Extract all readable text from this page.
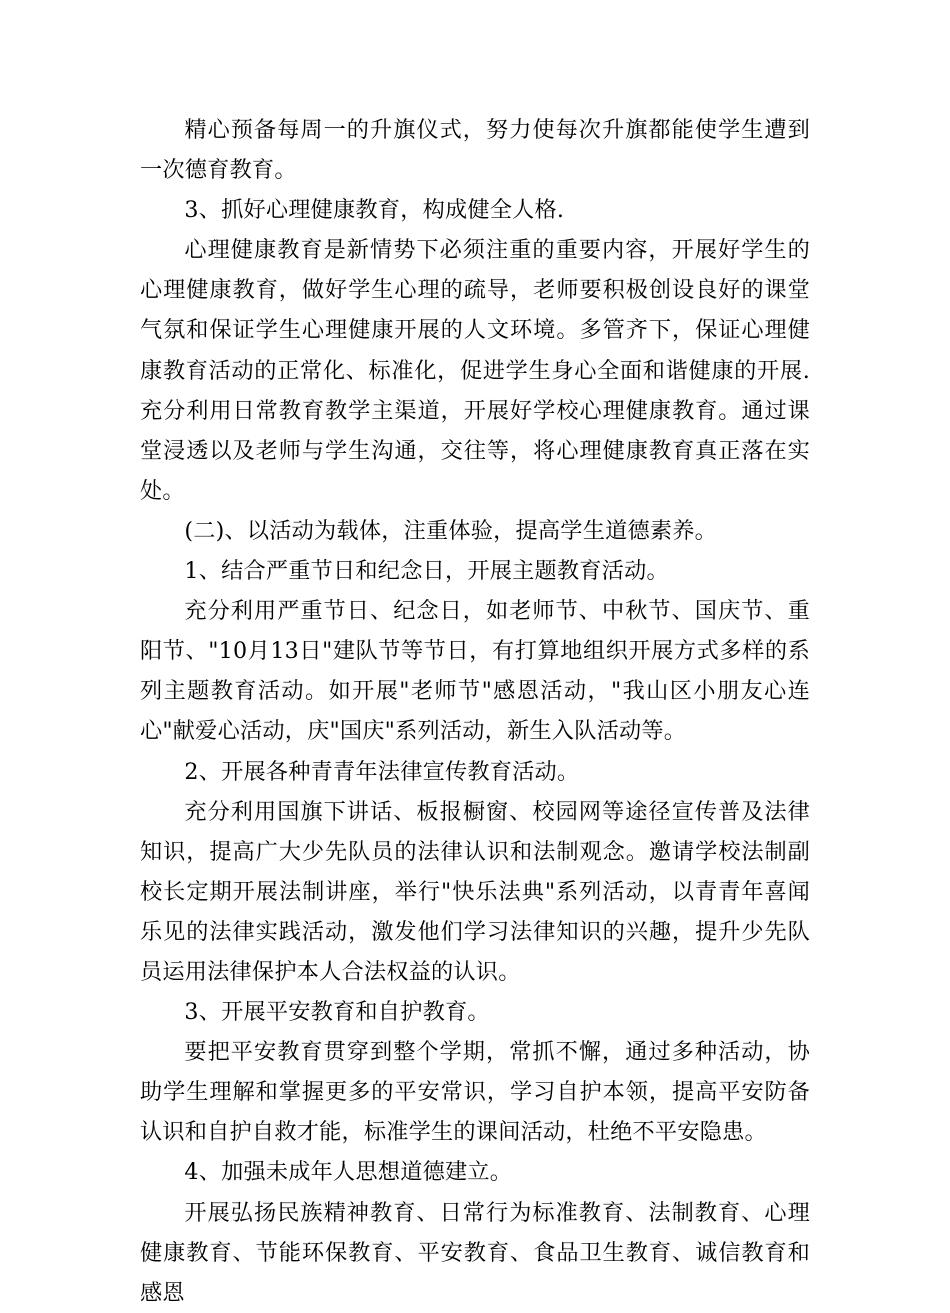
精心预备每周一的升旗仪式，努力使每次升旗都能使学生遭到一次德育教育。

3、抓好心理健康教育，构成健全人格.

心理健康教育是新情势下必须注重的重要内容，开展好学生的心理健康教育，做好学生心理的疏导，老师要积极创设良好的课堂气氛和保证学生心理健康开展的人文环境。多管齐下，保证心理健康教育活动的正常化、标准化，促进学生身心全面和谐健康的开展.充分利用日常教育教学主渠道，开展好学校心理健康教育。通过课堂浸透以及老师与学生沟通，交往等，将心理健康教育真正落在实处。

(二)、以活动为载体，注重体验，提高学生道德素养。

1、结合严重节日和纪念日，开展主题教育活动。

充分利用严重节日、纪念日，如老师节、中秋节、国庆节、重阳节、"10月13日"建队节等节日，有打算地组织开展方式多样的系列主题教育活动。如开展"老师节"感恩活动，"我山区小朋友心连心"献爱心活动，庆"国庆"系列活动，新生入队活动等。

2、开展各种青青年法律宣传教育活动。

充分利用国旗下讲话、板报橱窗、校园网等途径宣传普及法律知识，提高广大少先队员的法律认识和法制观念。邀请学校法制副校长定期开展法制讲座，举行"快乐法典"系列活动，以青青年喜闻乐见的法律实践活动，激发他们学习法律知识的兴趣，提升少先队员运用法律保护本人合法权益的认识。

3、开展平安教育和自护教育。

要把平安教育贯穿到整个学期，常抓不懈，通过多种活动，协助学生理解和掌握更多的平安常识，学习自护本领，提高平安防备认识和自护自救才能，标准学生的课间活动，杜绝不平安隐患。

4、加强未成年人思想道德建立。

开展弘扬民族精神教育、日常行为标准教育、法制教育、心理健康教育、节能环保教育、平安教育、食品卫生教育、诚信教育和感恩
